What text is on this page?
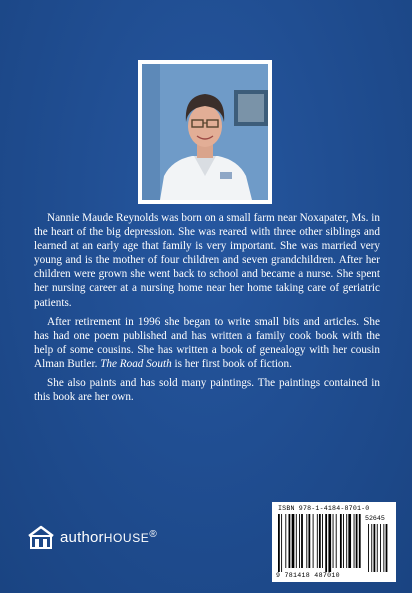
Nannie Maude Reynolds was born on a small farm near Noxapater, Ms. in the heart of the big depression. She was reared with three other siblings and learned at an early age that family is very important. She was married very young and is the mother of four children and seven grandchildren. After her children were grown she went back to school and became a nurse. She spent her nursing career at a nursing home near her home taking care of geriatric patients.

After retirement in 1996 she began to write small bits and articles. She has had one poem published and has written a family cook book with the help of some cousins. She has written a book of genealogy with her cousin Alman Butler. The Road South is her first book of fiction.

She also paints and has sold many paintings. The paintings contained in this book are her own.

authorHOUSE®
ISBN 978-1-4184-8701-0
52645
9 781418 487010
